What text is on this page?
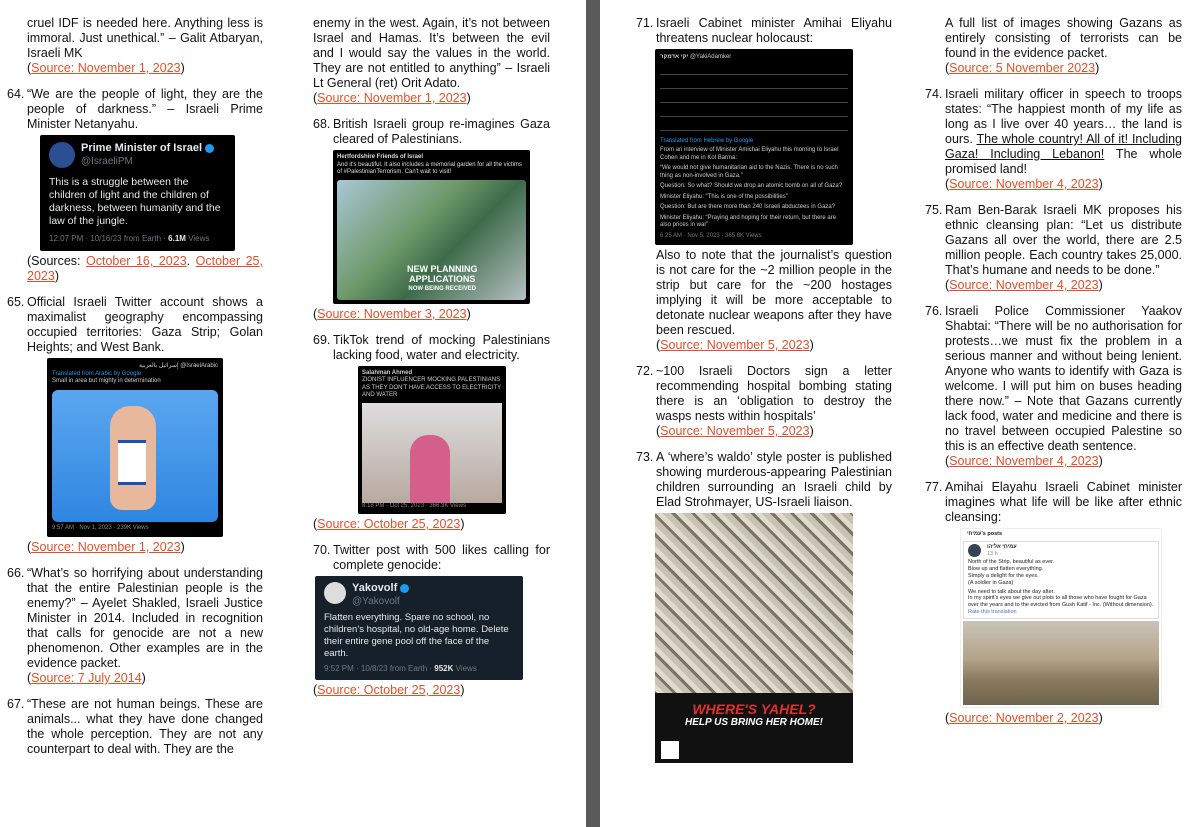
cruel IDF is needed here. Anything less is immoral. Just unethical.” – Galit Atbaryan, Israeli MK
(Source: November 1, 2023)
64. “We are the people of light, they are the people of darkness.” – Israeli Prime Minister Netanyahu.
Prime Minister of Israel
@IsraeliPM
This is a struggle between the children of light and the children of darkness, between humanity and the law of the jungle.
12:07 PM · 10/16/23 from Earth · 6.1M Views
(Sources: October 16, 2023. October 25, 2023)
65. Official Israeli Twitter account shows a maximalist geography encompassing occupied territories: Gaza Strip; Golan Heights; and West Bank.
إسرائيل بالعربية @IsraelArabic
Translated from Arabic by Google
Small in area but mighty in determination
9:57 AM · Nov 1, 2023 · 239K Views
(Source: November 1, 2023)
66. “What’s so horrifying about understanding that the entire Palestinian people is the enemy?” – Ayelet Shakled, Israeli Justice Minister in 2014. Included in recognition that calls for genocide are not a new phenomenon. Other examples are in the evidence packet.
(Source: 7 July 2014)
67. “These are not human beings. These are animals... what they have done changed the whole perception. They are not any counterpart to deal with. They are the
enemy in the west. Again, it’s not between Israel and Hamas. It’s between the evil and I would say the values in the world. They are not entitled to anything” – Israeli Lt General (ret) Orit Adato.
(Source: November 1, 2023)
68. British Israeli group re-imagines Gaza cleared of Palestinians.
Hertfordshire Friends of Israel
And it's beautiful. It also includes a memorial garden for all the victims of #PalestinianTerrorism. Can't wait to visit!
NEW PLANNING
APPLICATIONS
NOW BEING RECEIVED
(Source: November 3, 2023)
69. TikTok trend of mocking Palestinians lacking food, water and electricity.
Salahman Ahmed
ZIONIST INFLUENCER MOCKING PALESTINIANS AS THEY DON'T HAVE ACCESS TO ELECTRICITY AND WATER
8:18 PM · Oct 25, 2023 · 366.3K Views
(Source: October 25, 2023)
70. Twitter post with 500 likes calling for complete genocide:
Yakovolf
@Yakovolf
Flatten everything. Spare no school, no children’s hospital, no old-age home. Delete their entire gene pool off the face of the earth.
9:52 PM · 10/8/23 from Earth · 952K Views
(Source: October 25, 2023)
71. Israeli Cabinet minister Amihai Eliyahu threatens nuclear holocaust:
יקי אדמקר @YakiAdamker
Translated from Hebrew by Google
From an interview of Minister Amichai Eliyahu this morning to Israel Cohen and me in Kol Barma:
“We would not give humanitarian aid to the Nazis. There is no such thing as non-involved in Gaza.”
Question: So what? Should we drop an atomic bomb on all of Gaza?
Minister Eliyahu: “This is one of the possibilities”
Question: But are there more than 240 Israeli abductees in Gaza?
Minister Eliyahu: “Praying and hoping for their return, but there are also prices in war”
6:25 AM · Nov 5, 2023 · 365.8K Views
Also to note that the journalist’s question is not care for the ~2 million people in the strip but care for the ~200 hostages implying it will be more acceptable to detonate nuclear weapons after they have been rescued.
(Source: November 5, 2023)
72. ~100 Israeli Doctors sign a letter recommending hospital bombing stating there is an ‘obligation to destroy the wasps nests within hospitals’
(Source: November 5, 2023)
73. A ‘where’s waldo’ style poster is published showing murderous-appearing Palestinian children surrounding an Israeli child by Elad Strohmayer, US-Israeli liaison.
WHERE'S YAHEL?
HELP US BRING HER HOME!
A full list of images showing Gazans as entirely consisting of terrorists can be found in the evidence packet.
(Source: 5 November 2023)
74. Israeli military officer in speech to troops states: “The happiest month of my life as long as I live over 40 years… the land is ours. The whole country! All of it! Including Gaza! Including Lebanon! The whole promised land!
(Source: November 4, 2023)
75. Ram Ben-Barak Israeli MK proposes his ethnic cleansing plan: “Let us distribute Gazans all over the world, there are 2.5 million people. Each country takes 25,000. That’s humane and needs to be done.”
(Source: November 4, 2023)
76. Israeli Police Commissioner Yaakov Shabtai: “There will be no authorisation for protests…we must fix the problem in a serious manner and without being lenient. Anyone who wants to identify with Gaza is welcome. I will put him on buses heading there now.” – Note that Gazans currently lack food, water and medicine and there is no travel between occupied Palestine so this is an effective death sentence.
(Source: November 4, 2023)
77. Amihai Elayahu Israeli Cabinet minister imagines what life will be like after ethnic cleansing:
עמיחי's posts
עמיחי אליהו
13 h ·
North of the Strip, beautiful as ever.
Blow up and flatten everything.
Simply a delight for the eyes.
(A soldier in Gaza)
We need to talk about the day after.
In my spirit's eyes we give out plots to all those who have fought for Gaza over the years and to the evicted from Gush Katif - Inc. (Without dimension).
Rate this translation
(Source: November 2, 2023)
